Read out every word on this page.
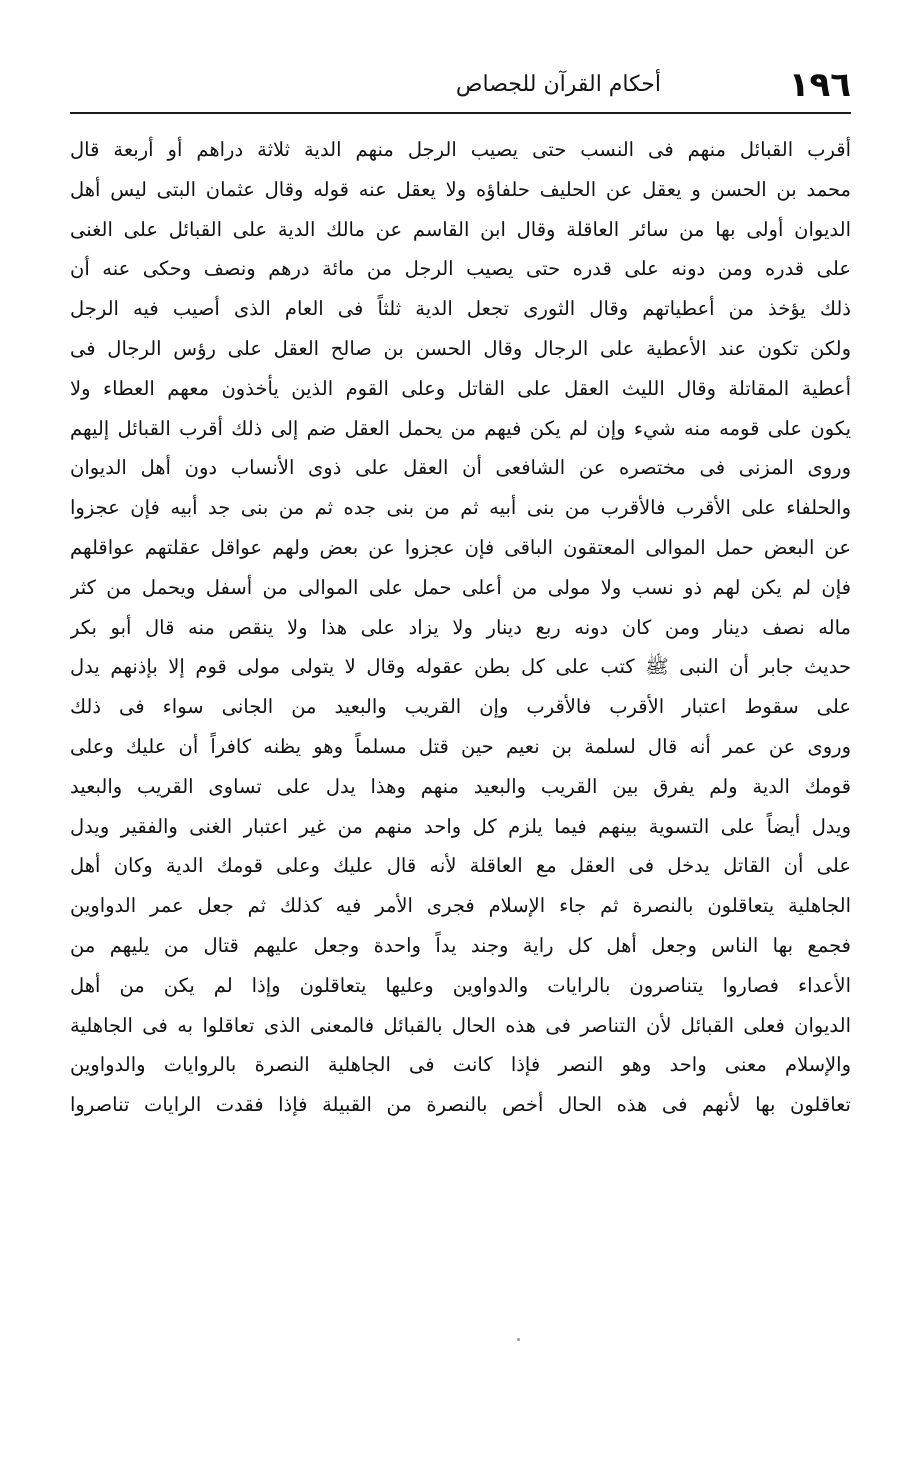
١٩٦
أحكام القرآن للجصاص
أقرب القبائل منهم فى النسب حتى يصيب الرجل منهم الدية ثلاثة دراهم أو أربعة قال
محمد بن الحسن و يعقل عن الحليف حلفاؤه ولا يعقل عنه قوله وقال عثمان البتى ليس أهل
الديوان أولى بها من سائر العاقلة وقال ابن القاسم عن مالك الدية على القبائل على الغنى
على قدره ومن دونه على قدره حتى يصيب الرجل من مائة درهم ونصف وحكى عنه أن
ذلك يؤخذ من أعطياتهم وقال الثورى تجعل الدية ثلثاً فى العام الذى أصيب فيه الرجل
ولكن تكون عند الأعطية على الرجال وقال الحسن بن صالح العقل على رؤس الرجال فى
أعطية المقاتلة وقال الليث العقل على القاتل وعلى القوم الذين يأخذون معهم العطاء ولا
يكون على قومه منه شيء وإن لم يكن فيهم من يحمل العقل ضم إلى ذلك أقرب القبائل إليهم
وروى المزنى فى مختصره عن الشافعى أن العقل على ذوى الأنساب دون أهل الديوان
والحلفاء على الأقرب فالأقرب من بنى أبيه ثم من بنى جده ثم من بنى جد أبيه فإن عجزوا
عن البعض حمل الموالى المعتقون الباقى فإن عجزوا عن بعض ولهم عواقل عقلتهم عواقلهم
فإن لم يكن لهم ذو نسب ولا مولى من أعلى حمل على الموالى من أسفل ويحمل من كثر
ماله نصف دينار ومن كان دونه ربع دينار ولا يزاد على هذا ولا ينقص منه قال أبو بكر
حديث جابر أن النبى ﷺ كتب على كل بطن عقوله وقال لا يتولى مولى قوم إلا بإذنهم يدل
على سقوط اعتبار الأقرب فالأقرب وإن القريب والبعيد من الجانى سواء فى ذلك
وروى عن عمر أنه قال لسلمة بن نعيم حين قتل مسلماً وهو يظنه كافراً أن عليك وعلى
قومك الدية ولم يفرق بين القريب والبعيد منهم وهذا يدل على تساوى القريب والبعيد
ويدل أيضاً على التسوية بينهم فيما يلزم كل واحد منهم من غير اعتبار الغنى والفقير ويدل
على أن القاتل يدخل فى العقل مع العاقلة لأنه قال عليك وعلى قومك الدية وكان أهل
الجاهلية يتعاقلون بالنصرة ثم جاء الإسلام فجرى الأمر فيه كذلك ثم جعل عمر الدواوين
فجمع بها الناس وجعل أهل كل راية وجند يداً واحدة وجعل عليهم قتال من يليهم من
الأعداء فصاروا يتناصرون بالرايات والدواوين وعليها يتعاقلون وإذا لم يكن من أهل
الديوان فعلى القبائل لأن التناصر فى هذه الحال بالقبائل فالمعنى الذى تعاقلوا به فى الجاهلية
والإسلام معنى واحد وهو النصر فإذا كانت فى الجاهلية النصرة بالروايات والدواوين
تعاقلون بها لأنهم فى هذه الحال أخص بالنصرة من القبيلة فإذا فقدت الرايات تناصروا
